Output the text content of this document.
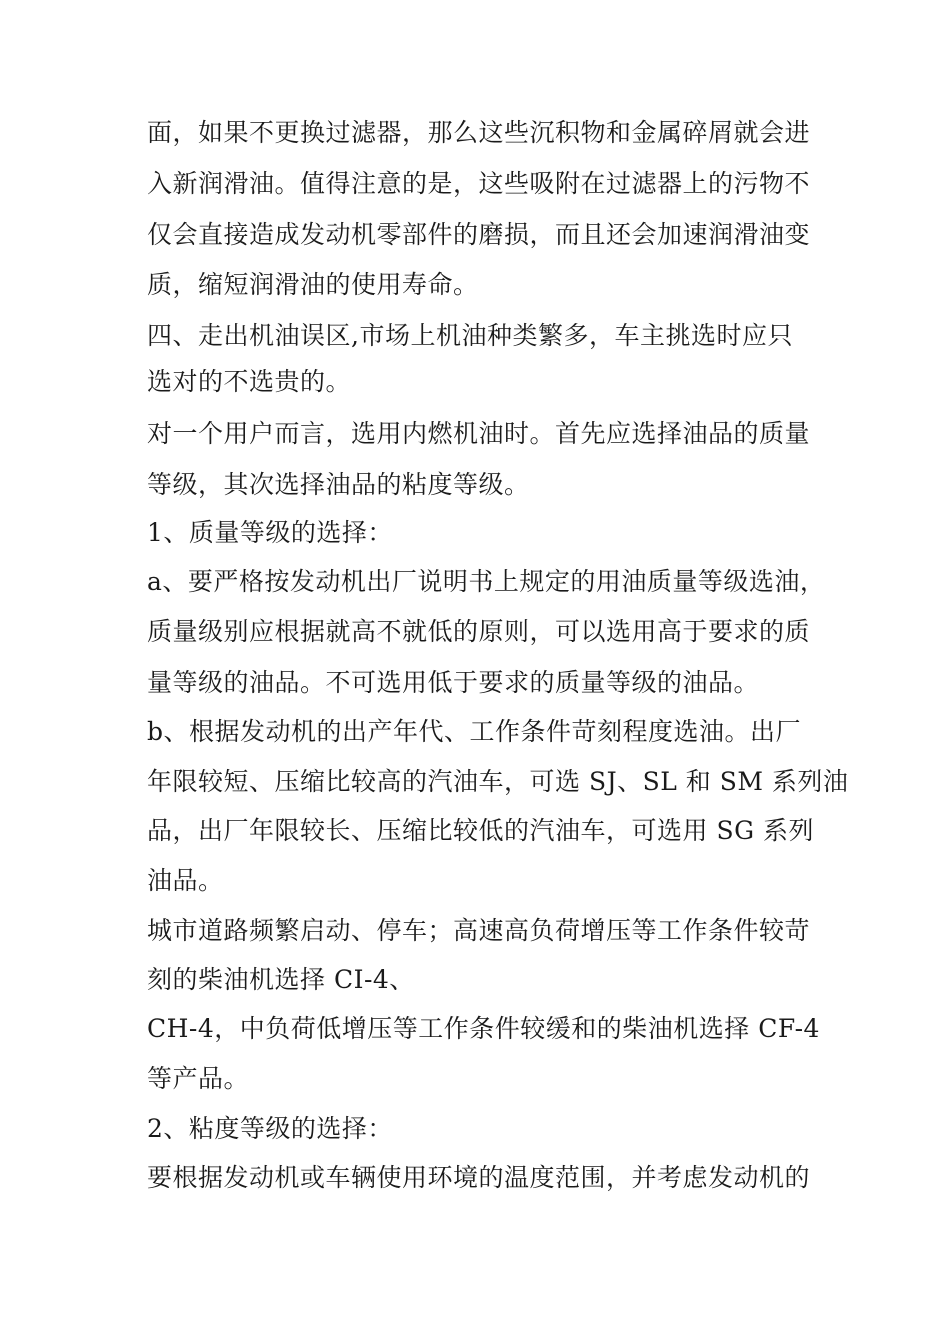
面，如果不更换过滤器，那么这些沉积物和金属碎屑就会进
入新润滑油。值得注意的是，这些吸附在过滤器上的污物不
仅会直接造成发动机零部件的磨损，而且还会加速润滑油变
质，缩短润滑油的使用寿命。
四、走出机油误区,市场上机油种类繁多，车主挑选时应只
选对的不选贵的。
对一个用户而言，选用内燃机油时。首先应选择油品的质量
等级，其次选择油品的粘度等级。
1、质量等级的选择：
a、要严格按发动机出厂说明书上规定的用油质量等级选油，
质量级别应根据就高不就低的原则，可以选用高于要求的质
量等级的油品。不可选用低于要求的质量等级的油品。
b、根据发动机的出产年代、工作条件苛刻程度选油。出厂
年限较短、压缩比较高的汽油车，可选 SJ、SL 和 SM 系列油
品，出厂年限较长、压缩比较低的汽油车，可选用 SG 系列
油品。
城市道路频繁启动、停车；高速高负荷增压等工作条件较苛
刻的柴油机选择 CI-4、
CH-4，中负荷低增压等工作条件较缓和的柴油机选择 CF-4
等产品。
2、粘度等级的选择：
要根据发动机或车辆使用环境的温度范围，并考虑发动机的
